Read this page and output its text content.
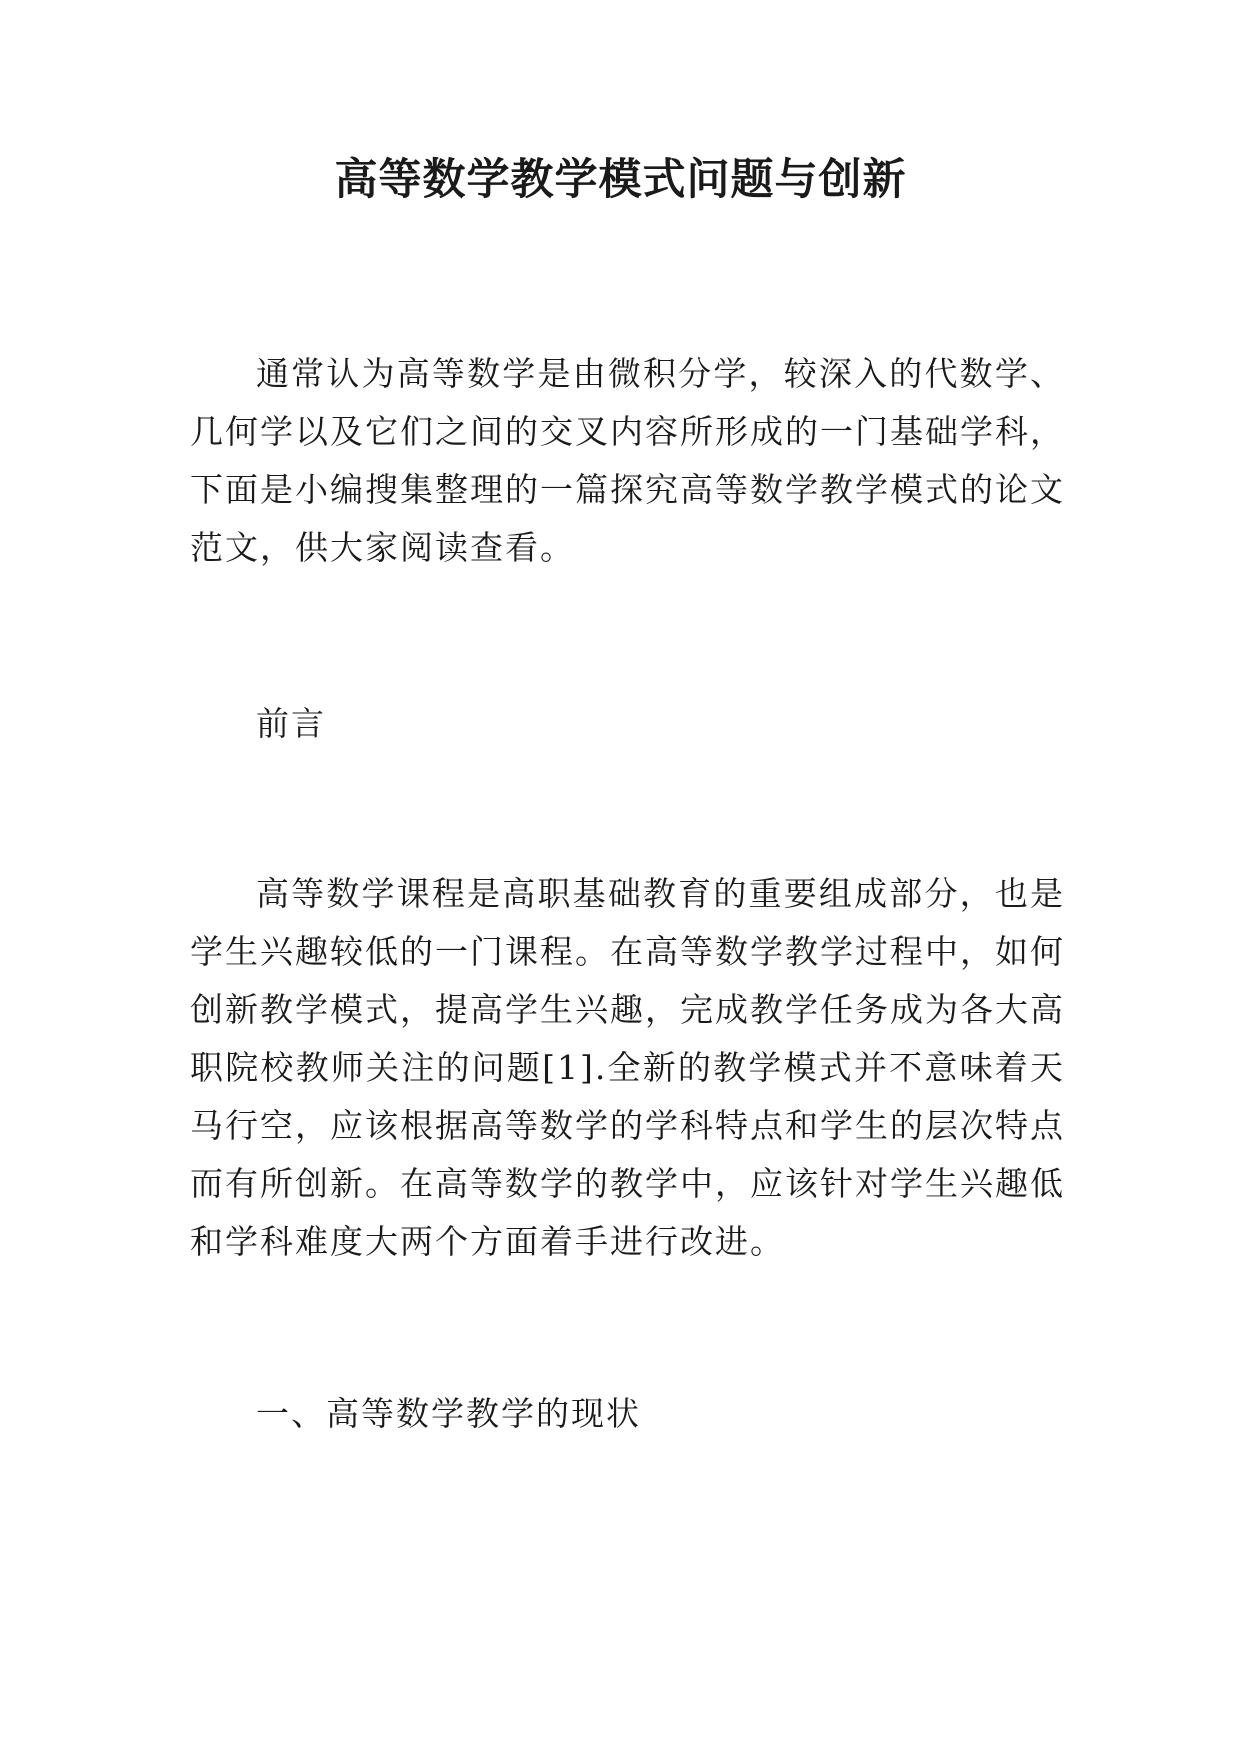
高等数学教学模式问题与创新

通常认为高等数学是由微积分学，较深入的代数学、几何学以及它们之间的交叉内容所形成的一门基础学科，下面是小编搜集整理的一篇探究高等数学教学模式的论文范文，供大家阅读查看。

前言

高等数学课程是高职基础教育的重要组成部分，也是学生兴趣较低的一门课程。在高等数学教学过程中，如何创新教学模式，提高学生兴趣，完成教学任务成为各大高职院校教师关注的问题[1].全新的教学模式并不意味着天马行空，应该根据高等数学的学科特点和学生的层次特点而有所创新。在高等数学的教学中，应该针对学生兴趣低和学科难度大两个方面着手进行改进。

一、高等数学教学的现状
